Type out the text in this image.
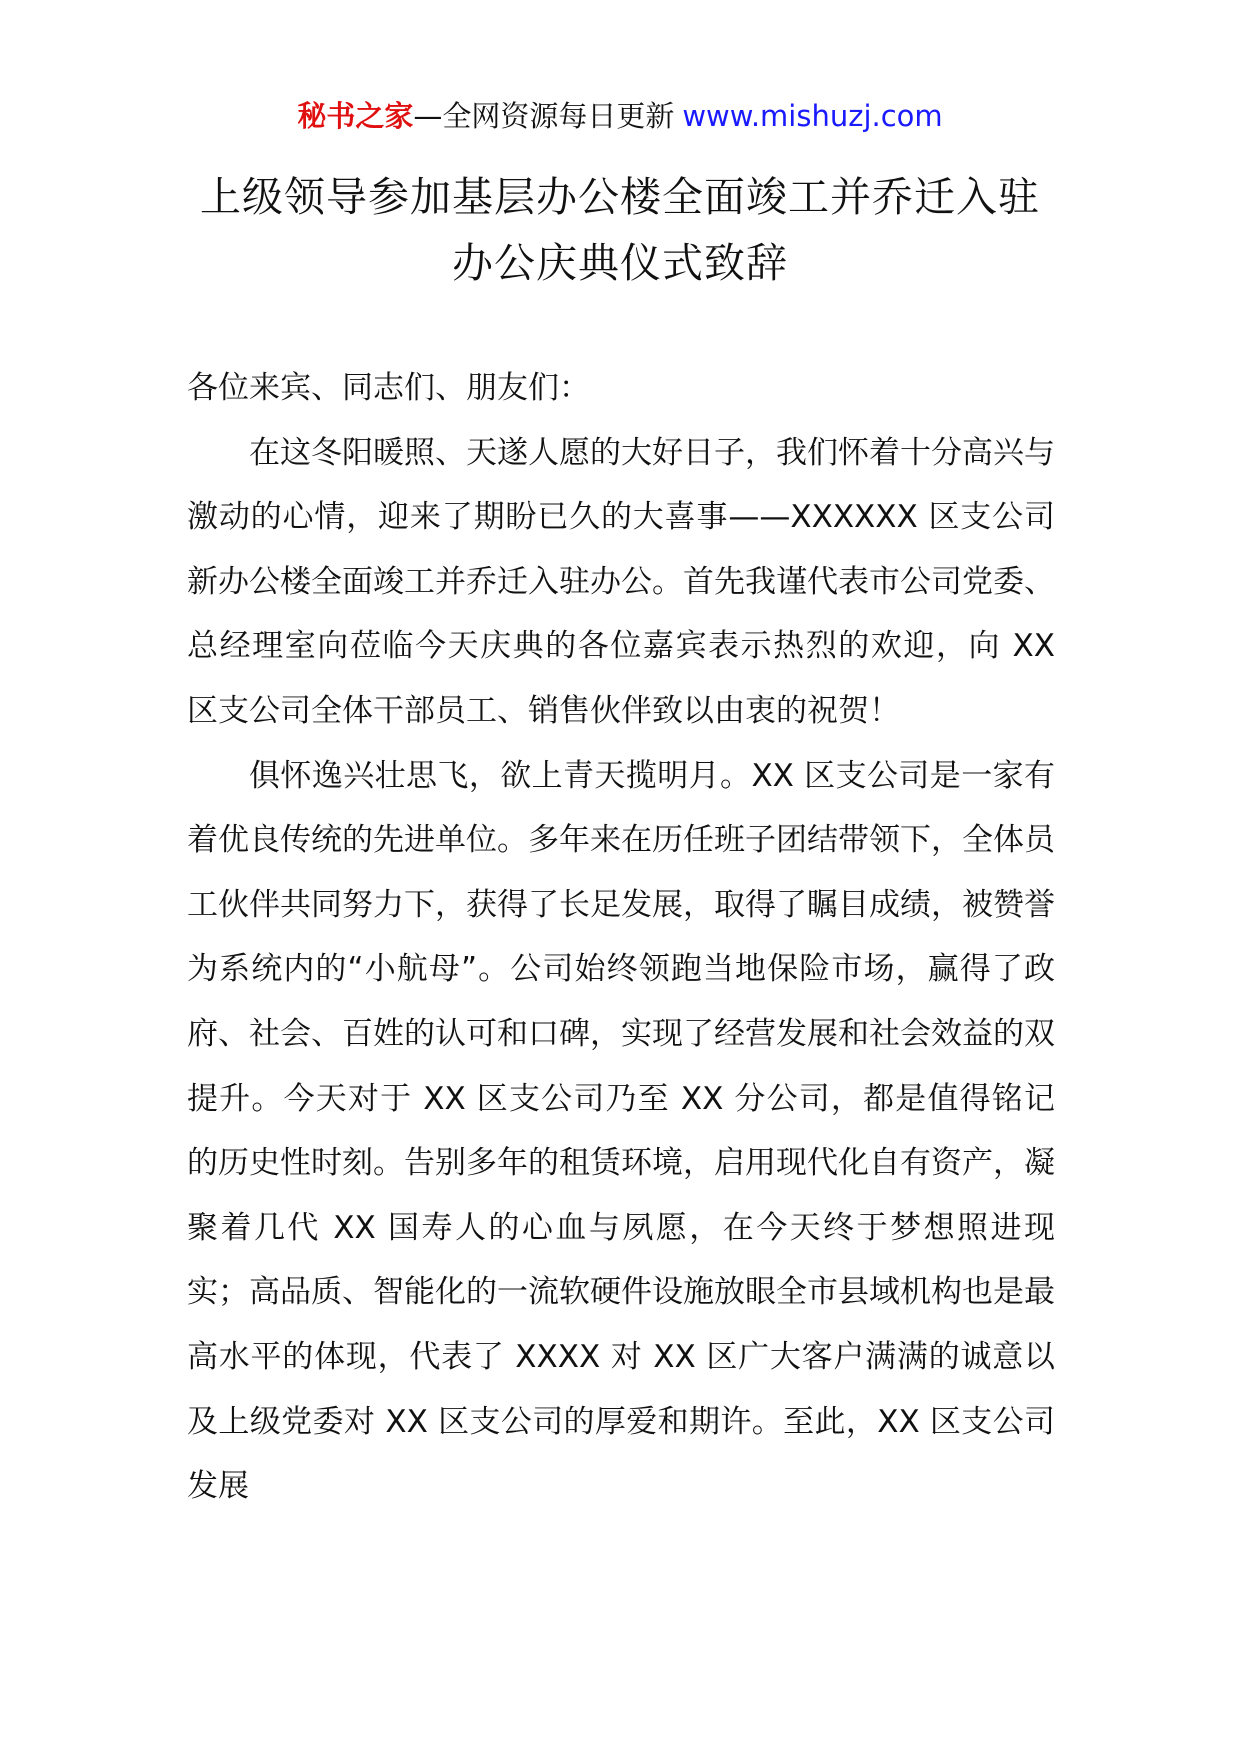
秘书之家—全网资源每日更新 www.mishuzj.com
上级领导参加基层办公楼全面竣工并乔迁入驻
办公庆典仪式致辞

各位来宾、同志们、朋友们：

在这冬阳暖照、天遂人愿的大好日子，我们怀着十分高兴与激动的心情，迎来了期盼已久的大喜事——XXXXXX 区支公司新办公楼全面竣工并乔迁入驻办公。首先我谨代表市公司党委、总经理室向莅临今天庆典的各位嘉宾表示热烈的欢迎，向 XX 区支公司全体干部员工、销售伙伴致以由衷的祝贺！

俱怀逸兴壮思飞，欲上青天揽明月。XX 区支公司是一家有着优良传统的先进单位。多年来在历任班子团结带领下，全体员工伙伴共同努力下，获得了长足发展，取得了瞩目成绩，被赞誉为系统内的“小航母”。公司始终领跑当地保险市场，赢得了政府、社会、百姓的认可和口碑，实现了经营发展和社会效益的双提升。今天对于 XX 区支公司乃至 XX 分公司，都是值得铭记的历史性时刻。告别多年的租赁环境，启用现代化自有资产，凝聚着几代 XX 国寿人的心血与夙愿，在今天终于梦想照进现实；高品质、智能化的一流软硬件设施放眼全市县域机构也是最高水平的体现，代表了 XXXX 对 XX 区广大客户满满的诚意以及上级党委对 XX 区支公司的厚爱和期许。至此，XX 区支公司发展
